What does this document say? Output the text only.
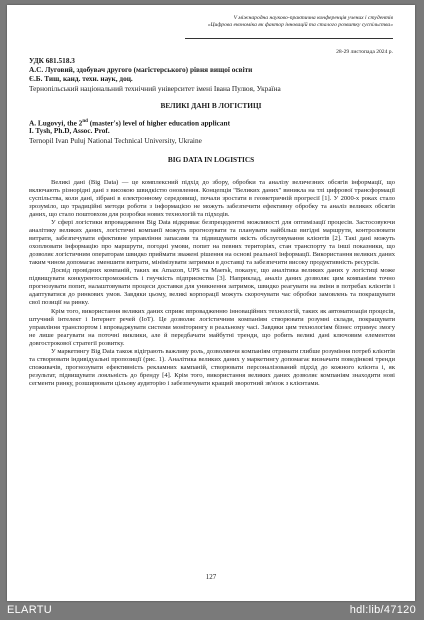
V міжнародна науково-практична конференція учених і студентів
«Цифрова економіка як фактор інновацій та сталого розвитку суспільства»
28-29 листопада 2024 р.
УДК 681.518.3
А.С. Луговий, здобувач другого (магістерського) рівня вищої освіти
Є.Б. Тиш, канд. техн. наук, доц.
Тернопільський національний технічний університет імені Івана Пулюя, Україна
ВЕЛИКІ ДАНІ В ЛОГІСТИЦІ
A. Lugovyi, the 2nd (master's) level of higher education applicant
I. Tysh, Ph.D, Assoc. Prof.
Ternopil Ivan Puluj National Technical University, Ukraine
BIG DATA IN LOGISTICS

Великі дані (Big Data) — це комплексний підхід до збору, обробки та аналізу величезних обсягів інформації, що включають різнорідні дані з високою швидкістю оновлення. Концепція "Великих даних" виникла на тлі цифрової трансформації суспільства, коли дані, зібрані в електронному середовищі, почали зростати в геометричній прогресії [1]. У 2000-х роках стало зрозуміло, що традиційні методи роботи з інформацією не можуть забезпечити ефективну обробку та аналіз великих обсягів даних, що стало поштовхом для розробки нових технологій та підходів.

У сфері логістики впровадження Big Data відкриває безпрецедентні можливості для оптимізації процесів. Застосовуючи аналітику великих даних, логістичні компанії можуть прогнозувати та планувати найбільш вигідні маршрути, контролювати витрати, забезпечувати ефективне управління запасами та підвищувати якість обслуговування клієнтів [2]. Такі дані можуть охоплювати інформацію про маршрути, погодні умови, попит на певних територіях, стан транспорту та інші показники, що дозволяє логістичним операторам швидко приймати зважені рішення на основі реальної інформації. Використання великих даних таким чином допомагає зменшити витрати, мінімізувати затримки в доставці та забезпечити високу продуктивність ресурсів.

Досвід провідних компаній, таких як Amazon, UPS та Maersk, показує, що аналітика великих даних у логістиці може підвищувати конкурентоспроможність і гнучкість підприємства [3]. Наприклад, аналіз даних дозволяє цим компаніям точно прогнозувати попит, налаштовувати процеси доставки для уникнення затримок, швидко реагувати на зміни в потребах клієнтів і адаптуватися до ринкових умов. Завдяки цьому, великі корпорації можуть скорочувати час обробки замовлень та покращувати свої позиції на ринку.

Крім того, використання великих даних сприяє впровадженню інноваційних технологій, таких як автоматизація процесів, штучний інтелект і Інтернет речей (IoT). Це дозволяє логістичним компаніям створювати розумні склади, покращувати управління транспортом і впроваджувати системи моніторингу в реальному часі. Завдяки цим технологіям бізнес отримує змогу не лише реагувати на поточні виклики, але й передбачати майбутні тренди, що робить великі дані ключовим елементом довгострокової стратегії розвитку.

У маркетингу Big Data також відіграють важливу роль, дозволяючи компаніям отримати глибше розуміння потреб клієнтів та створювати індивідуальні пропозиції (рис. 1). Аналітика великих даних у маркетингу допомагає визначати поведінкові тренди споживачів, прогнозувати ефективність рекламних кампаній, створювати персоналізований підхід до кожного клієнта і, як результат, підвищувати лояльність до бренду [4]. Крім того, використання великих даних дозволяє компаніям знаходити нові сегменти ринку, розширювати цільову аудиторію і забезпечувати кращий зворотний зв'язок з клієнтами.

127
ELARTU	hdl:lib/47120
